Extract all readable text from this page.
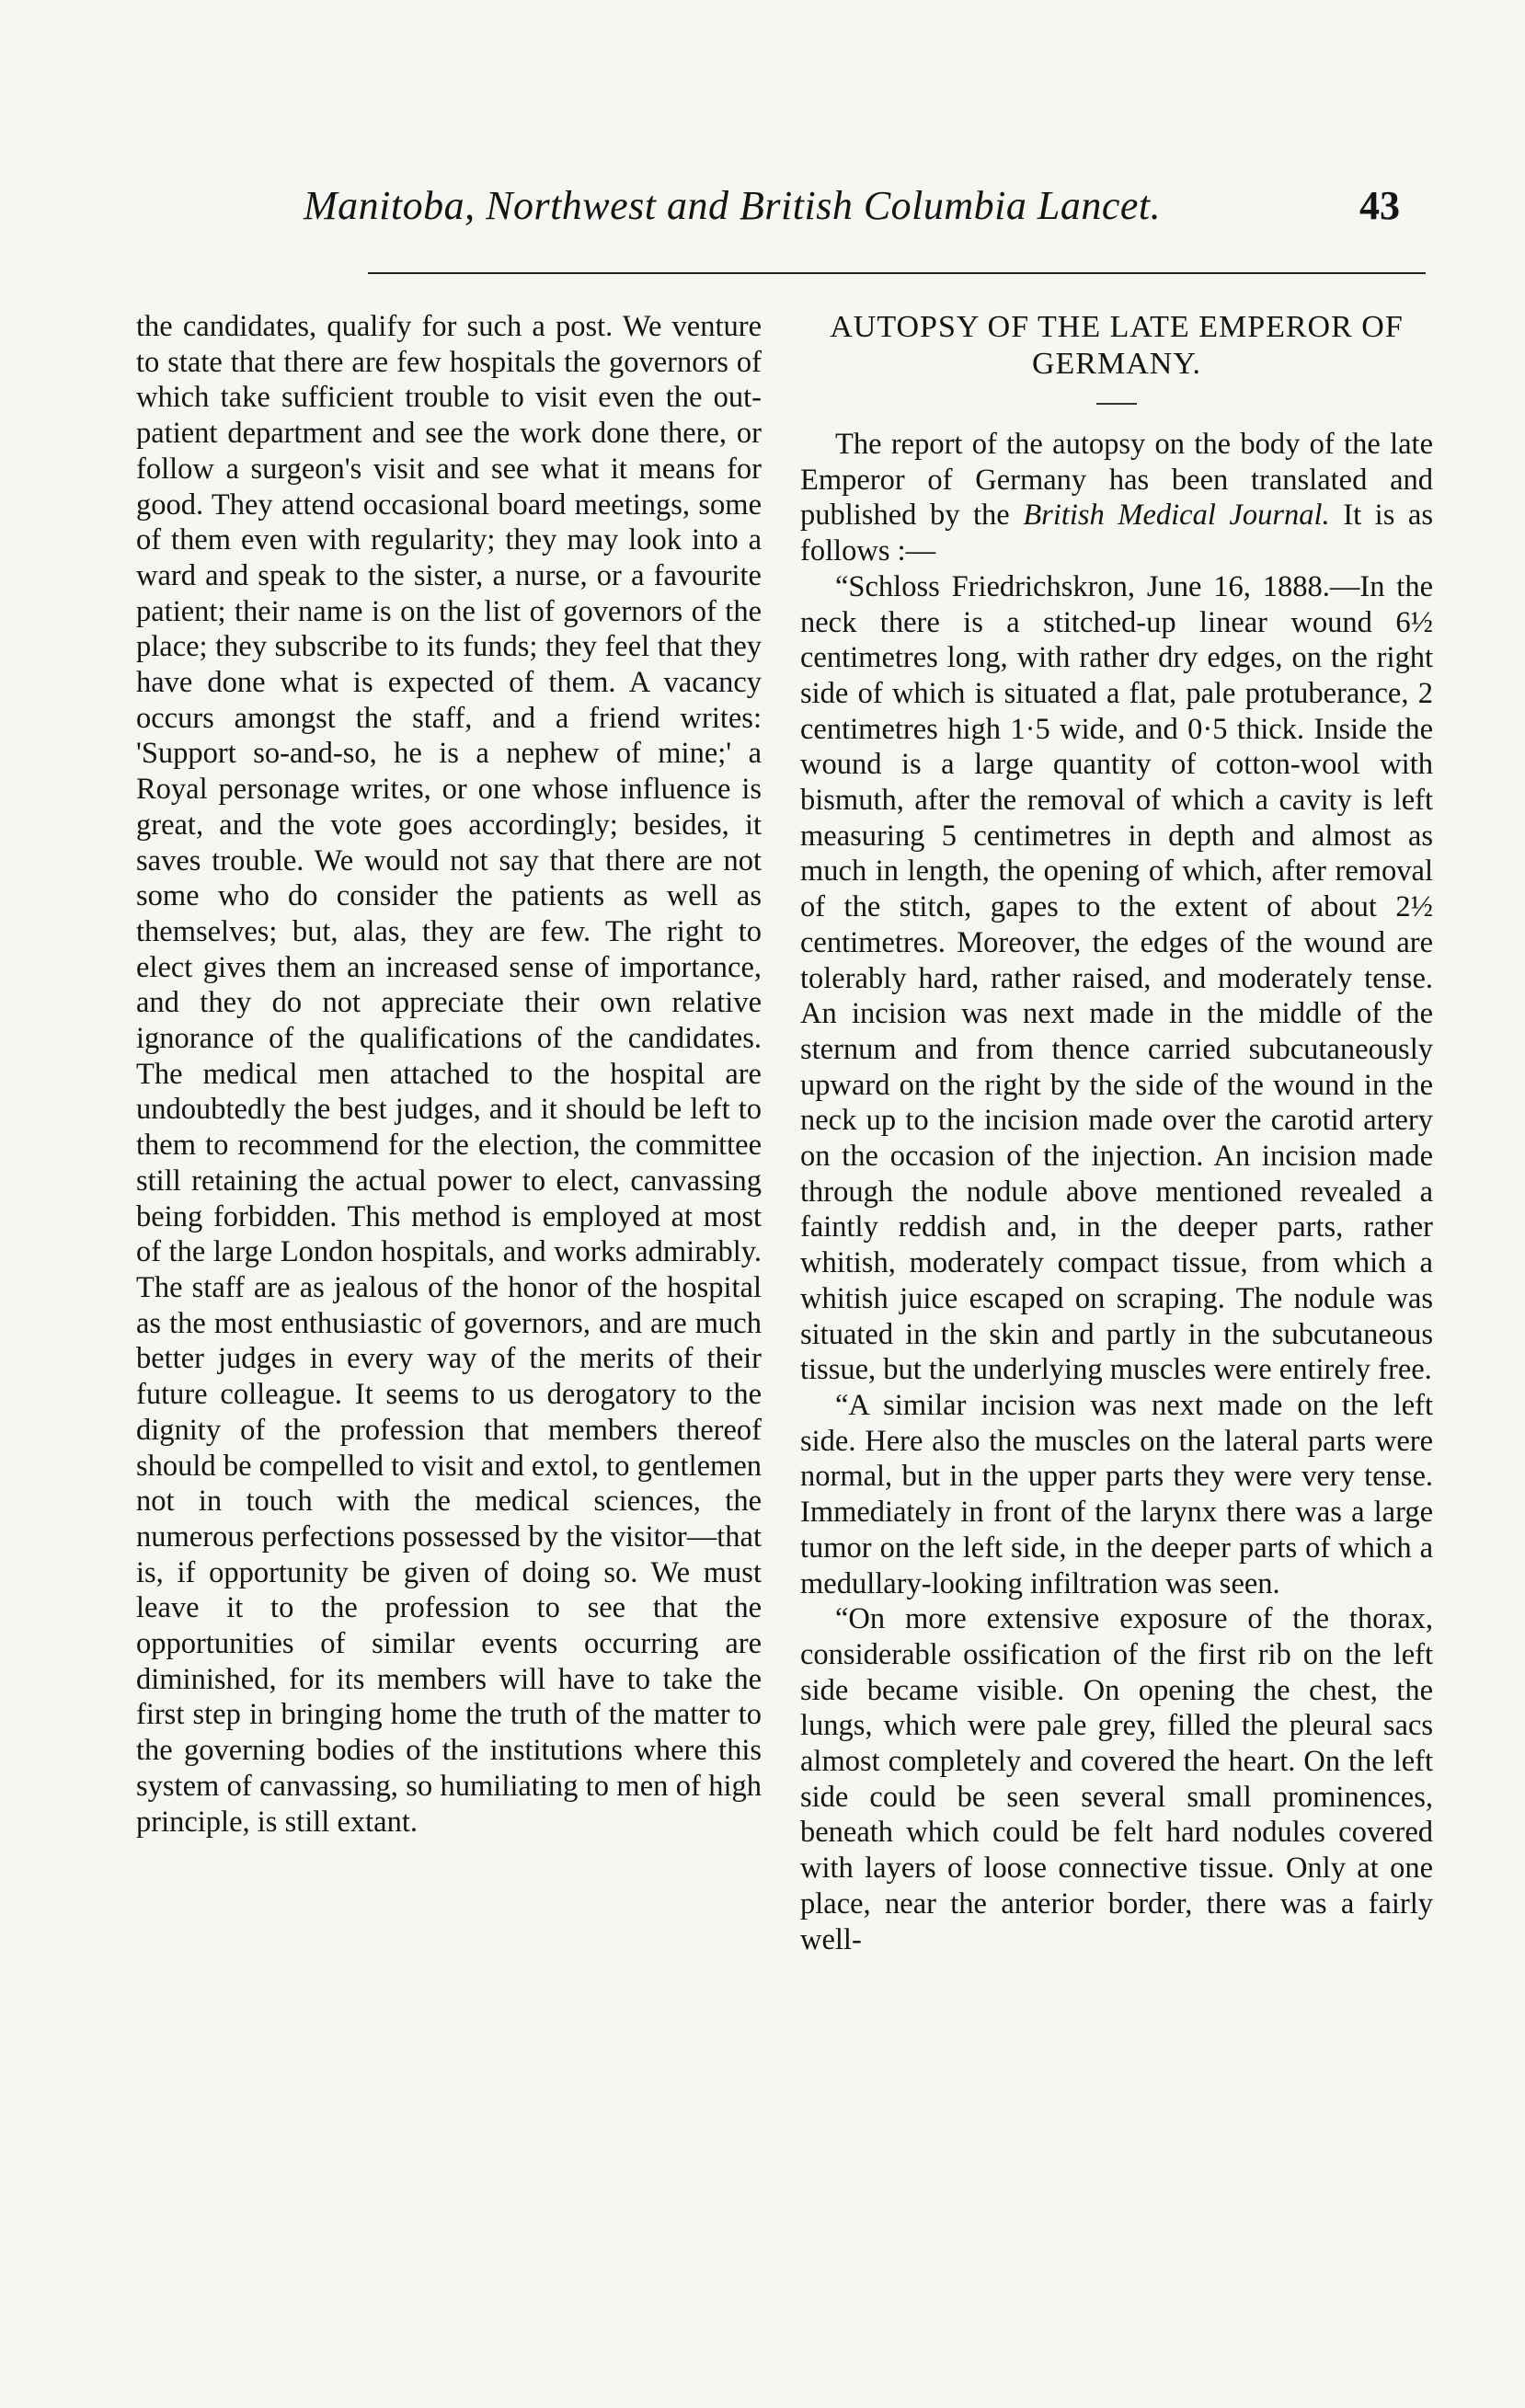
Manitoba, Northwest and British Columbia Lancet.	43

the candidates, qualify for such a post. We venture to state that there are few hospitals the governors of which take sufficient trouble to visit even the out-patient department and see the work done there, or follow a surgeon's visit and see what it means for good. They attend occasional board meetings, some of them even with regularity; they may look into a ward and speak to the sister, a nurse, or a favourite patient; their name is on the list of governors of the place; they subscribe to its funds; they feel that they have done what is expected of them. A vacancy occurs amongst the staff, and a friend writes: 'Support so-and-so, he is a nephew of mine;' a Royal personage writes, or one whose influence is great, and the vote goes accordingly; besides, it saves trouble. We would not say that there are not some who do consider the patients as well as themselves; but, alas, they are few. The right to elect gives them an increased sense of importance, and they do not appreciate their own relative ignorance of the qualifications of the candidates. The medical men attached to the hospital are undoubtedly the best judges, and it should be left to them to recommend for the election, the committee still retaining the actual power to elect, canvassing being forbidden. This method is employed at most of the large London hospitals, and works admirably. The staff are as jealous of the honor of the hospital as the most enthusiastic of governors, and are much better judges in every way of the merits of their future colleague. It seems to us derogatory to the dignity of the profession that members thereof should be compelled to visit and extol, to gentlemen not in touch with the medical sciences, the numerous perfections possessed by the visitor—that is, if opportunity be given of doing so. We must leave it to the profession to see that the opportunities of similar events occurring are diminished, for its members will have to take the first step in bringing home the truth of the matter to the governing bodies of the institutions where this system of canvassing, so humiliating to men of high principle, is still extant.

AUTOPSY OF THE LATE EMPEROR OF GERMANY.

The report of the autopsy on the body of the late Emperor of Germany has been translated and published by the British Medical Journal. It is as follows :—

“Schloss Friedrichskron, June 16, 1888.—In the neck there is a stitched-up linear wound 6½ centimetres long, with rather dry edges, on the right side of which is situated a flat, pale protuberance, 2 centimetres high 1·5 wide, and 0·5 thick. Inside the wound is a large quantity of cotton-wool with bismuth, after the removal of which a cavity is left measuring 5 centimetres in depth and almost as much in length, the opening of which, after removal of the stitch, gapes to the extent of about 2½ centimetres. Moreover, the edges of the wound are tolerably hard, rather raised, and moderately tense. An incision was next made in the middle of the sternum and from thence carried subcutaneously upward on the right by the side of the wound in the neck up to the incision made over the carotid artery on the occasion of the injection. An incision made through the nodule above mentioned revealed a faintly reddish and, in the deeper parts, rather whitish, moderately compact tissue, from which a whitish juice escaped on scraping. The nodule was situated in the skin and partly in the subcutaneous tissue, but the underlying muscles were entirely free.

“A similar incision was next made on the left side. Here also the muscles on the lateral parts were normal, but in the upper parts they were very tense. Immediately in front of the larynx there was a large tumor on the left side, in the deeper parts of which a medullary-looking infiltration was seen.

“On more extensive exposure of the thorax, considerable ossification of the first rib on the left side became visible. On opening the chest, the lungs, which were pale grey, filled the pleural sacs almost completely and covered the heart. On the left side could be seen several small prominences, beneath which could be felt hard nodules covered with layers of loose connective tissue. Only at one place, near the anterior border, there was a fairly well-
